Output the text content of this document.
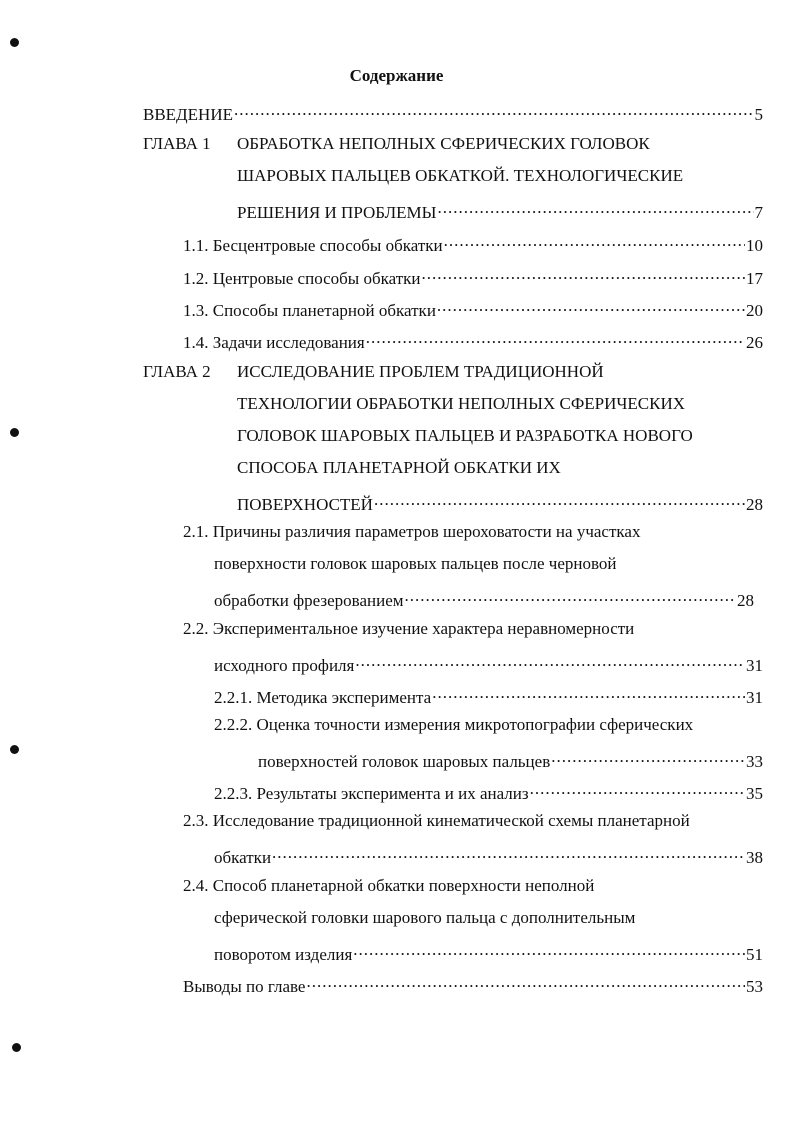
Содержание
ВВЕДЕНИЕ .....	5
ГЛАВА 1 ОБРАБОТКА НЕПОЛНЫХ СФЕРИЧЕСКИХ ГОЛОВОК
ШАРОВЫХ ПАЛЬЦЕВ ОБКАТКОЙ. ТЕХНОЛОГИЧЕСКИЕ
РЕШЕНИЯ И ПРОБЛЕМЫ .....	7
1.1. Бесцентровые способы обкатки .....	10
1.2. Центровые способы обкатки .....	17
1.3. Способы планетарной обкатки .....	20
1.4. Задачи исследования .....	26
ГЛАВА 2 ИССЛЕДОВАНИЕ ПРОБЛЕМ ТРАДИЦИОННОЙ
ТЕХНОЛОГИИ ОБРАБОТКИ НЕПОЛНЫХ СФЕРИЧЕСКИХ
ГОЛОВОК ШАРОВЫХ ПАЛЬЦЕВ И РАЗРАБОТКА НОВОГО
СПОСОБА ПЛАНЕТАРНОЙ ОБКАТКИ ИХ
ПОВЕРХНОСТЕЙ .....	28
2.1. Причины различия параметров шероховатости на участках
поверхности головок шаровых пальцев после черновой
обработки фрезерованием .....	28
2.2. Экспериментальное изучение характера неравномерности
исходного профиля .....	31
2.2.1. Методика эксперимента .....	31
2.2.2. Оценка точности измерения микротопографии сферических
поверхностей головок шаровых пальцев .....	33
2.2.3. Результаты эксперимента и их анализ .....	35
2.3. Исследование традиционной кинематической схемы планетарной
обкатки .....	38
2.4. Способ планетарной обкатки поверхности неполной
сферической головки шарового пальца с дополнительным
поворотом изделия .....	51
Выводы по главе .....	53
